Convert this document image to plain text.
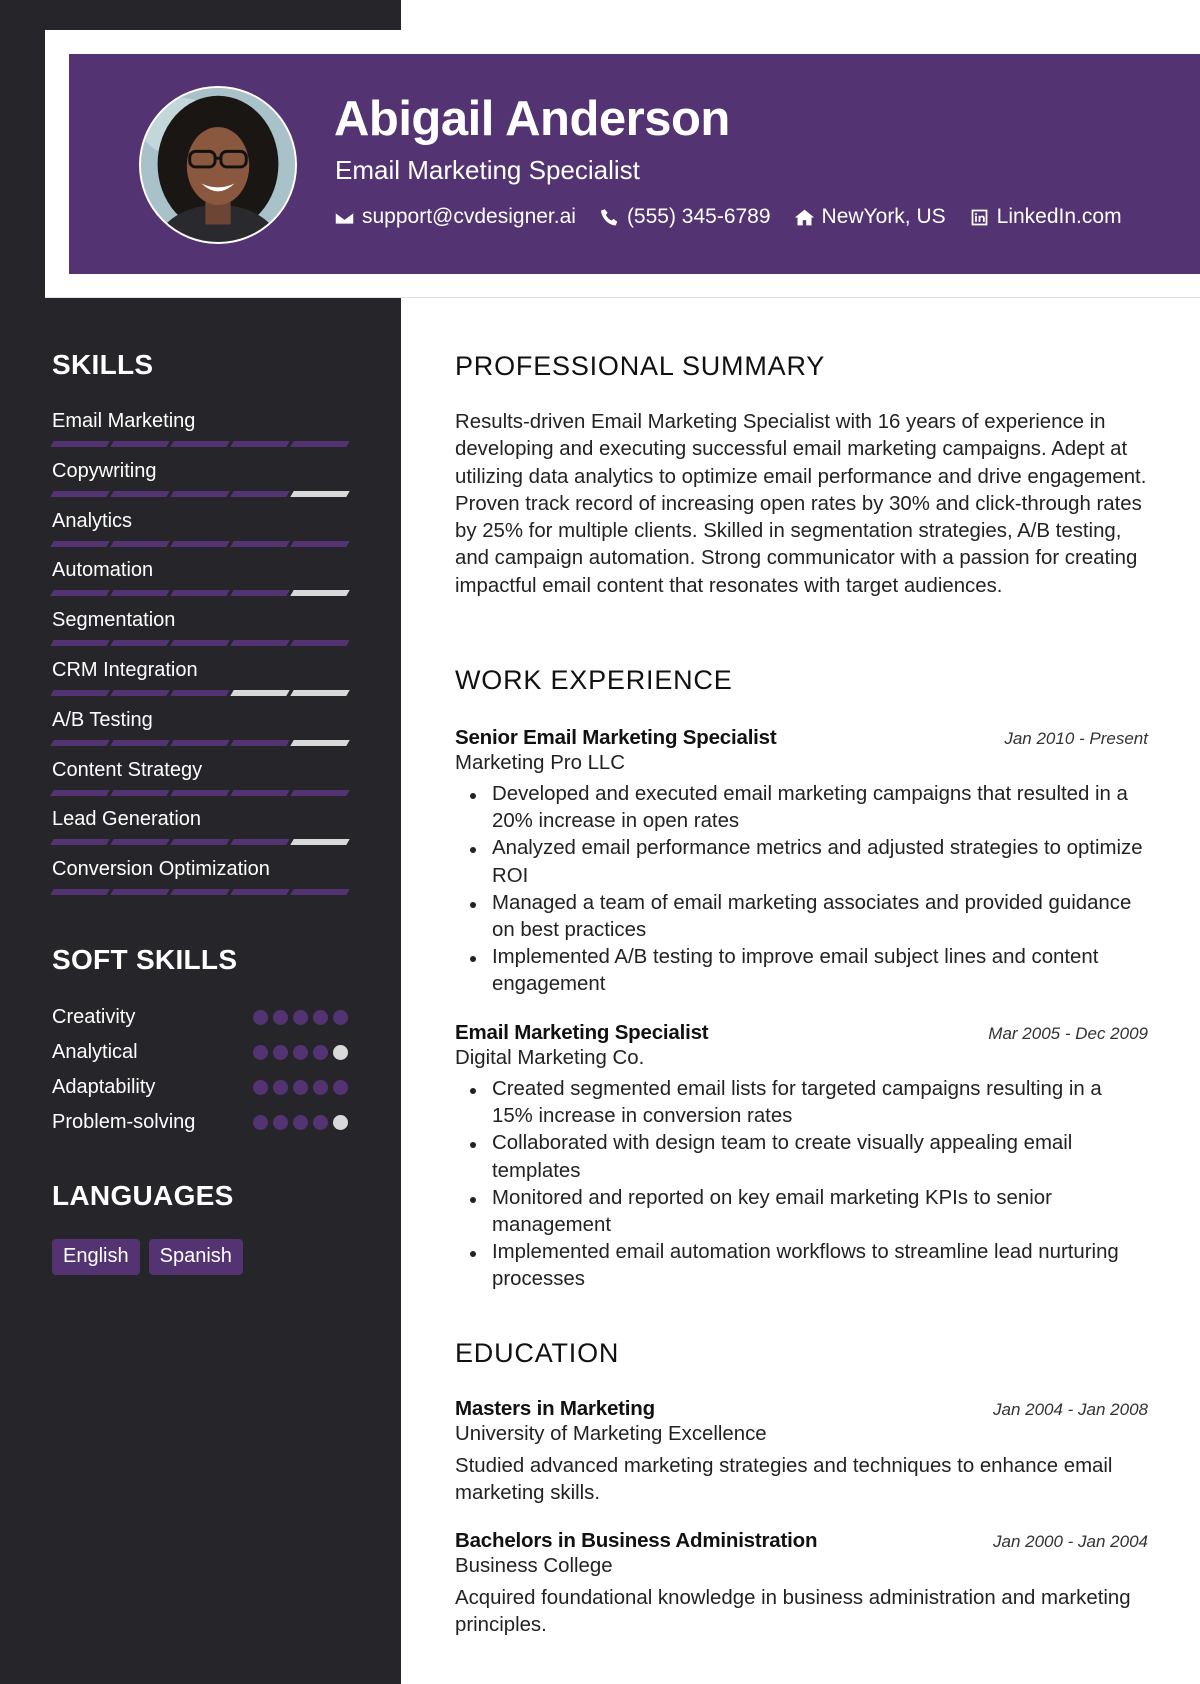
Abigail Anderson
Email Marketing Specialist
support@cvdesigner.ai (555) 345-6789 NewYork, US LinkedIn.com
SKILLS
Email Marketing
Copywriting
Analytics
Automation
Segmentation
CRM Integration
A/B Testing
Content Strategy
Lead Generation
Conversion Optimization
SOFT SKILLS
Creativity
Analytical
Adaptability
Problem-solving
LANGUAGES
English	Spanish
PROFESSIONAL SUMMARY
Results-driven Email Marketing Specialist with 16 years of experience in developing and executing successful email marketing campaigns. Adept at utilizing data analytics to optimize email performance and drive engagement. Proven track record of increasing open rates by 30% and click-through rates by 25% for multiple clients. Skilled in segmentation strategies, A/B testing, and campaign automation. Strong communicator with a passion for creating impactful email content that resonates with target audiences.
WORK EXPERIENCE
Senior Email Marketing Specialist	Jan 2010 - Present
Marketing Pro LLC
Developed and executed email marketing campaigns that resulted in a 20% increase in open rates
Analyzed email performance metrics and adjusted strategies to optimize ROI
Managed a team of email marketing associates and provided guidance on best practices
Implemented A/B testing to improve email subject lines and content engagement
Email Marketing Specialist	Mar 2005 - Dec 2009
Digital Marketing Co.
Created segmented email lists for targeted campaigns resulting in a 15% increase in conversion rates
Collaborated with design team to create visually appealing email templates
Monitored and reported on key email marketing KPIs to senior management
Implemented email automation workflows to streamline lead nurturing processes
EDUCATION
Masters in Marketing	Jan 2004 - Jan 2008
University of Marketing Excellence
Studied advanced marketing strategies and techniques to enhance email marketing skills.
Bachelors in Business Administration	Jan 2000 - Jan 2004
Business College
Acquired foundational knowledge in business administration and marketing principles.
